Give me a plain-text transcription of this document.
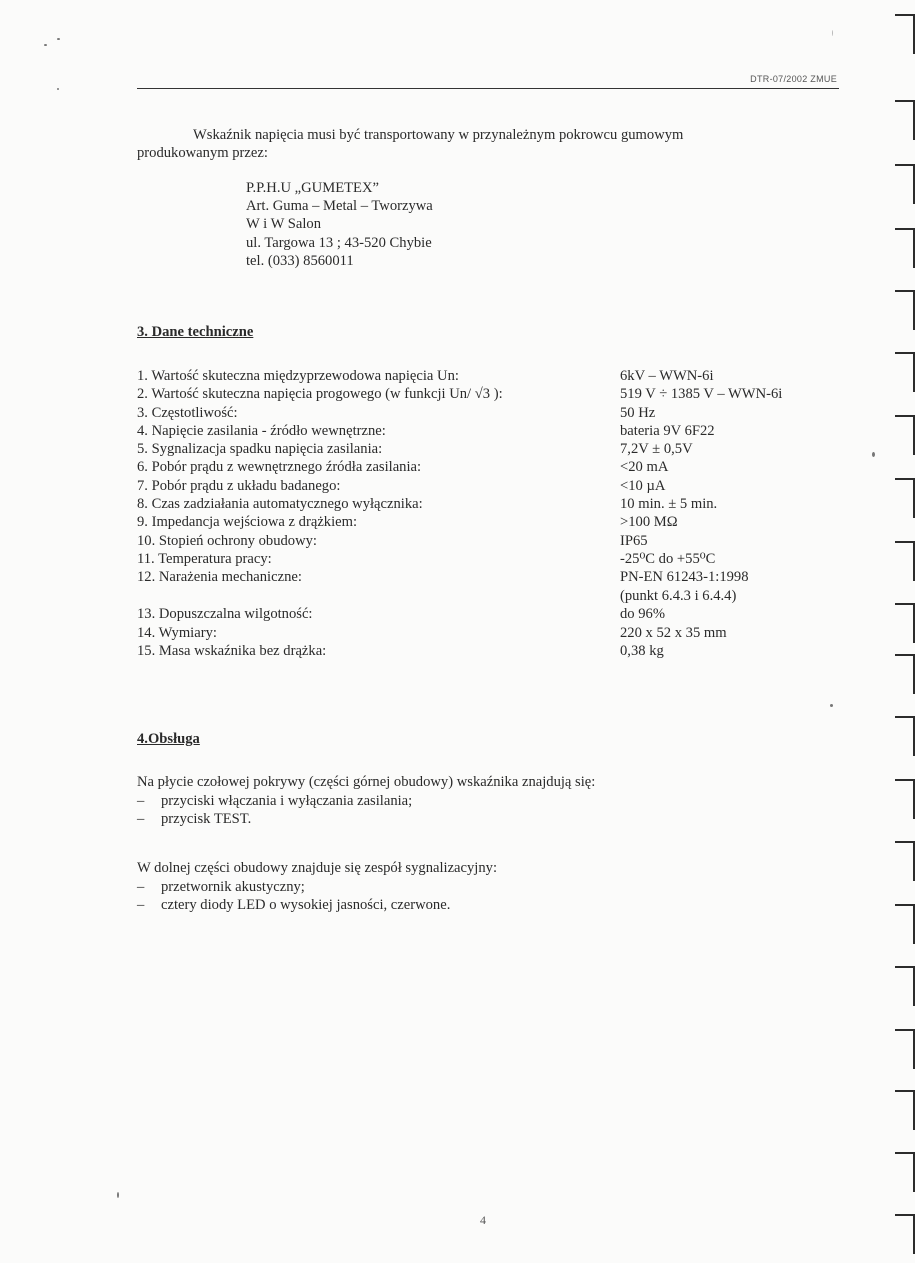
DTR-07/2002 ZMUE
Wskaźnik napięcia musi być transportowany w przynależnym pokrowcu gumowym
produkowanym przez:
P.P.H.U „GUMETEX”
Art. Guma – Metal – Tworzywa
W i W Salon
ul. Targowa 13 ; 43-520 Chybie
tel. (033) 8560011
3. Dane techniczne
1. Wartość skuteczna międzyprzewodowa napięcia Un:	6kV – WWN-6i
2. Wartość skuteczna napięcia progowego (w funkcji Un/ √3 ):	519 V ÷ 1385 V – WWN-6i
3. Częstotliwość:	50 Hz
4. Napięcie zasilania - źródło wewnętrzne:	bateria 9V 6F22
5. Sygnalizacja spadku napięcia zasilania:	7,2V ± 0,5V
6. Pobór prądu z wewnętrznego źródła zasilania:	<20 mA
7. Pobór prądu z układu badanego:	<10 µA
8. Czas zadziałania automatycznego wyłącznika:	10 min. ± 5 min.
9. Impedancja wejściowa z drążkiem:	>100 MΩ
10. Stopień ochrony obudowy:	IP65
11. Temperatura pracy:	-25⁰C do +55⁰C
12. Narażenia mechaniczne:	PN-EN 61243-1:1998
(punkt 6.4.3 i 6.4.4)
13. Dopuszczalna wilgotność:	do 96%
14. Wymiary:	220 x 52 x 35 mm
15. Masa wskaźnika bez drążka:	0,38 kg
4.Obsługa
Na płycie czołowej pokrywy (części górnej obudowy) wskaźnika znajdują się:
– przyciski włączania i wyłączania zasilania;
– przycisk TEST.
W dolnej części obudowy znajduje się zespół sygnalizacyjny:
– przetwornik akustyczny;
– cztery diody LED o wysokiej jasności, czerwone.
4
